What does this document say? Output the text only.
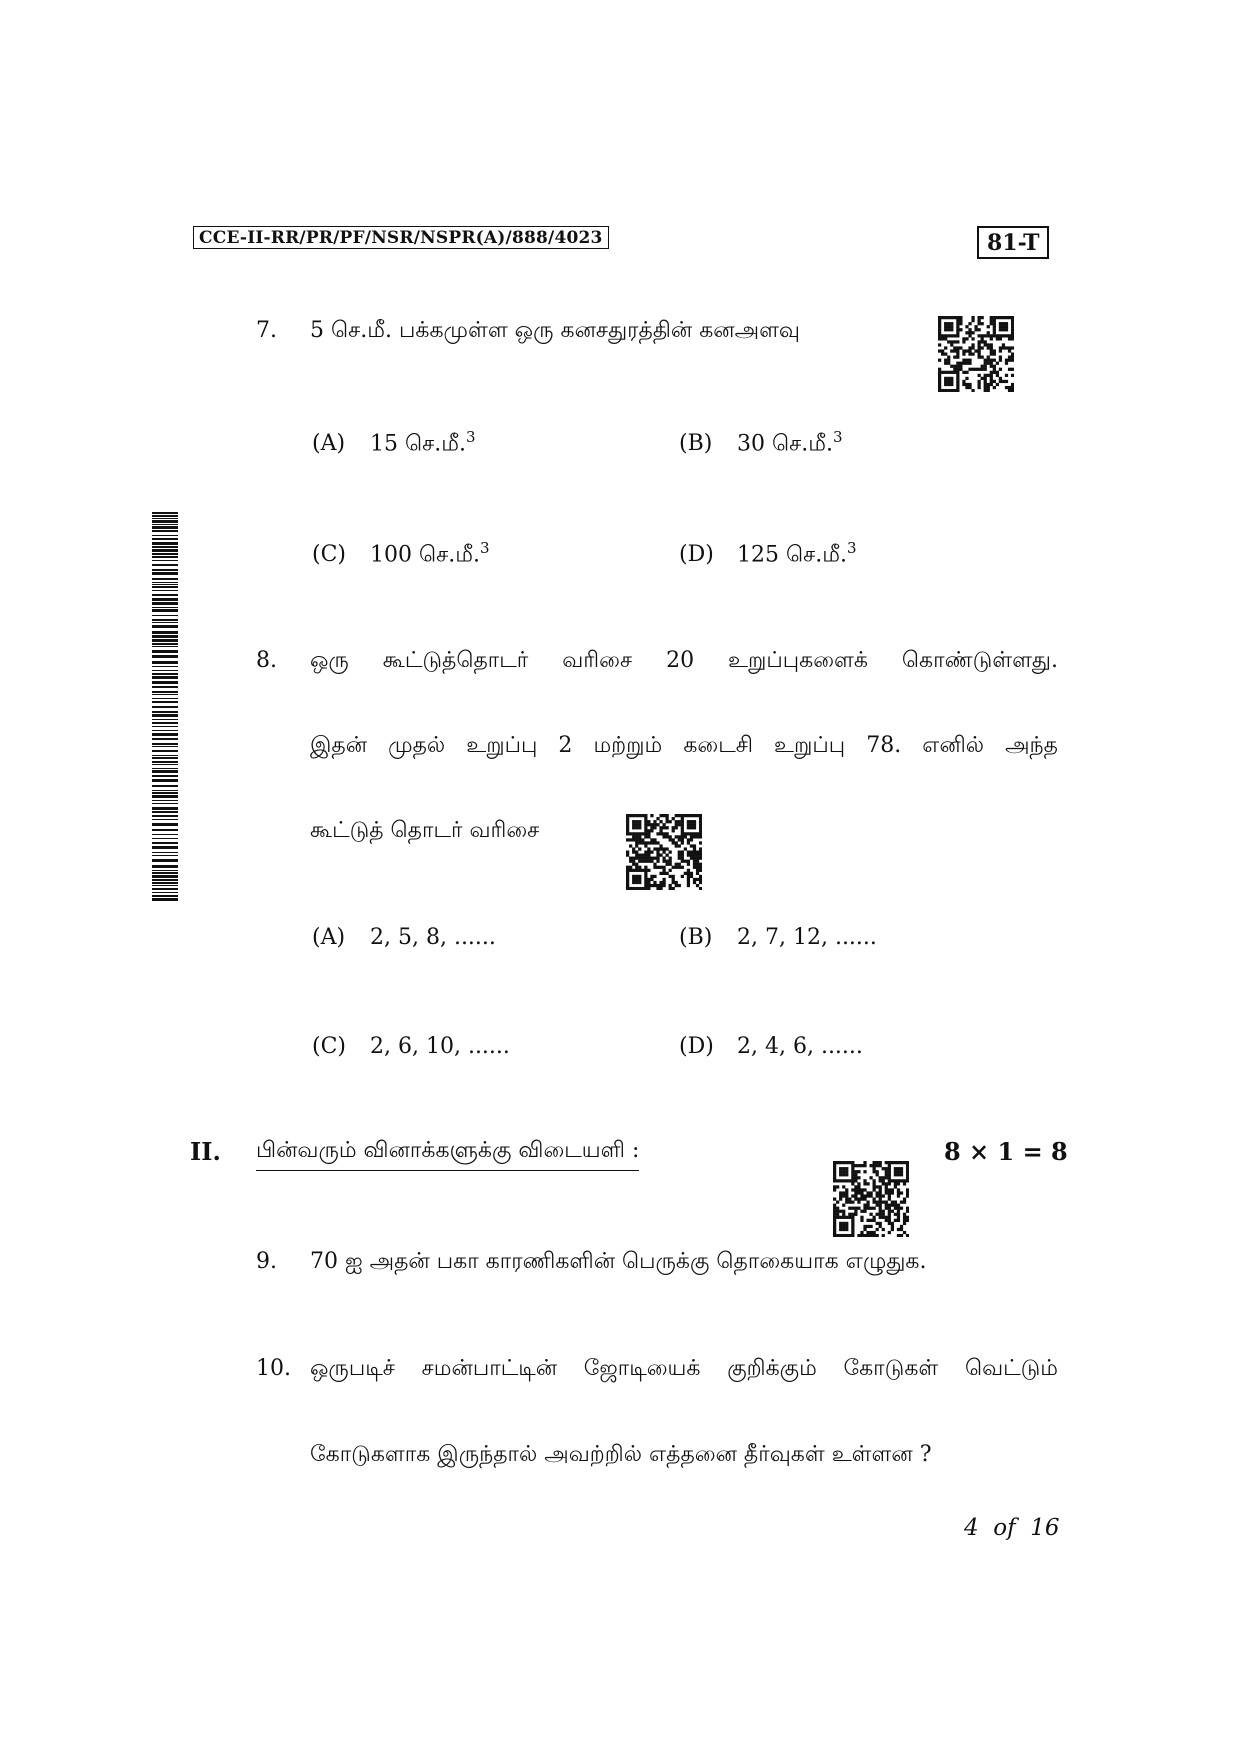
CCE-II-RR/PR/PF/NSR/NSPR(A)/888/4023	81-T
7. 5 செ.மீ. பக்கமுள்ள ஒரு கனசதுரத்தின் கனஅளவு
(A) 15 செ.மீ.$^3$	(B) 30 செ.மீ.$^3$
(C) 100 செ.மீ.$^3$	(D) 125 செ.மீ.$^3$
8. ஒரு கூட்டுத்தொடர் வரிசை 20 உறுப்புகளைக் கொண்டுள்ளது.
இதன் முதல் உறுப்பு 2 மற்றும் கடைசி உறுப்பு 78. எனில் அந்த
கூட்டுத் தொடர் வரிசை
(A) 2, 5, 8, ......	(B) 2, 7, 12, ......
(C) 2, 6, 10, ......	(D) 2, 4, 6, ......
II. பின்வரும் வினாக்களுக்கு விடையளி :	8 × 1 = 8
9. 70 ஐ அதன் பகா காரணிகளின் பெருக்கு தொகையாக எழுதுக.
10. ஒருபடிச் சமன்பாட்டின் ஜோடியைக் குறிக்கும் கோடுகள் வெட்டும்
கோடுகளாக இருந்தால் அவற்றில் எத்தனை தீர்வுகள் உள்ளன ?
4  of  16
